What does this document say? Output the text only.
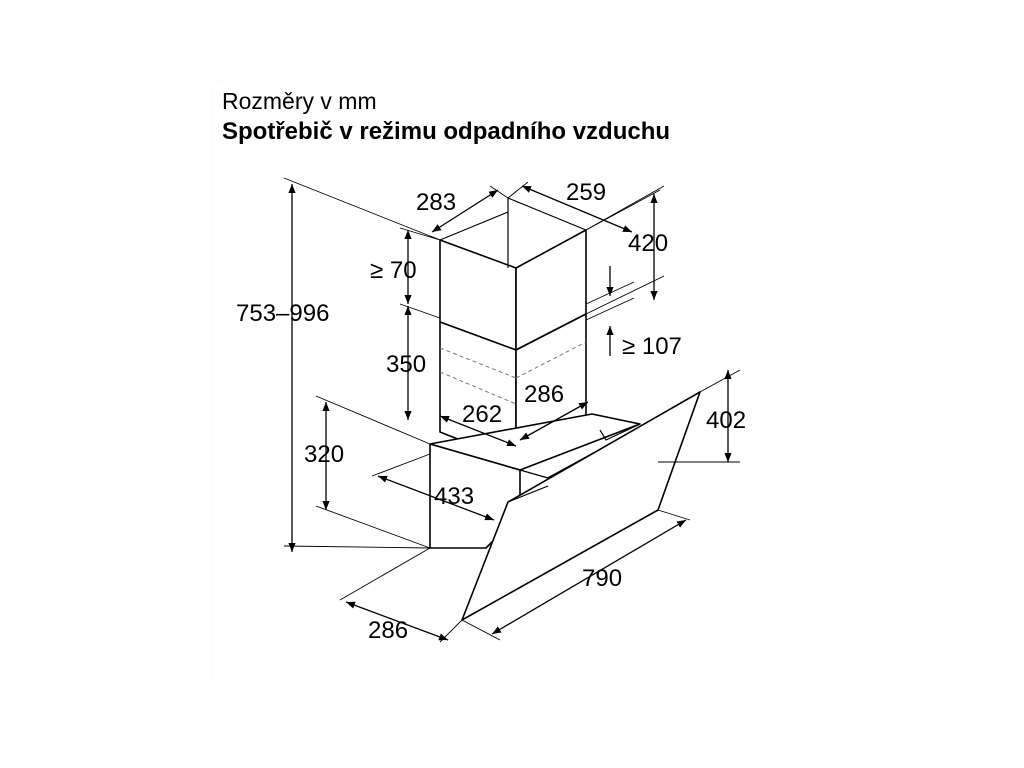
Rozměry v mm
Spotřebič v režimu odpadního vzduchu
753–996
283	259
420
≥ 70
350
≥ 107
286
262	402
320
433
790
286
